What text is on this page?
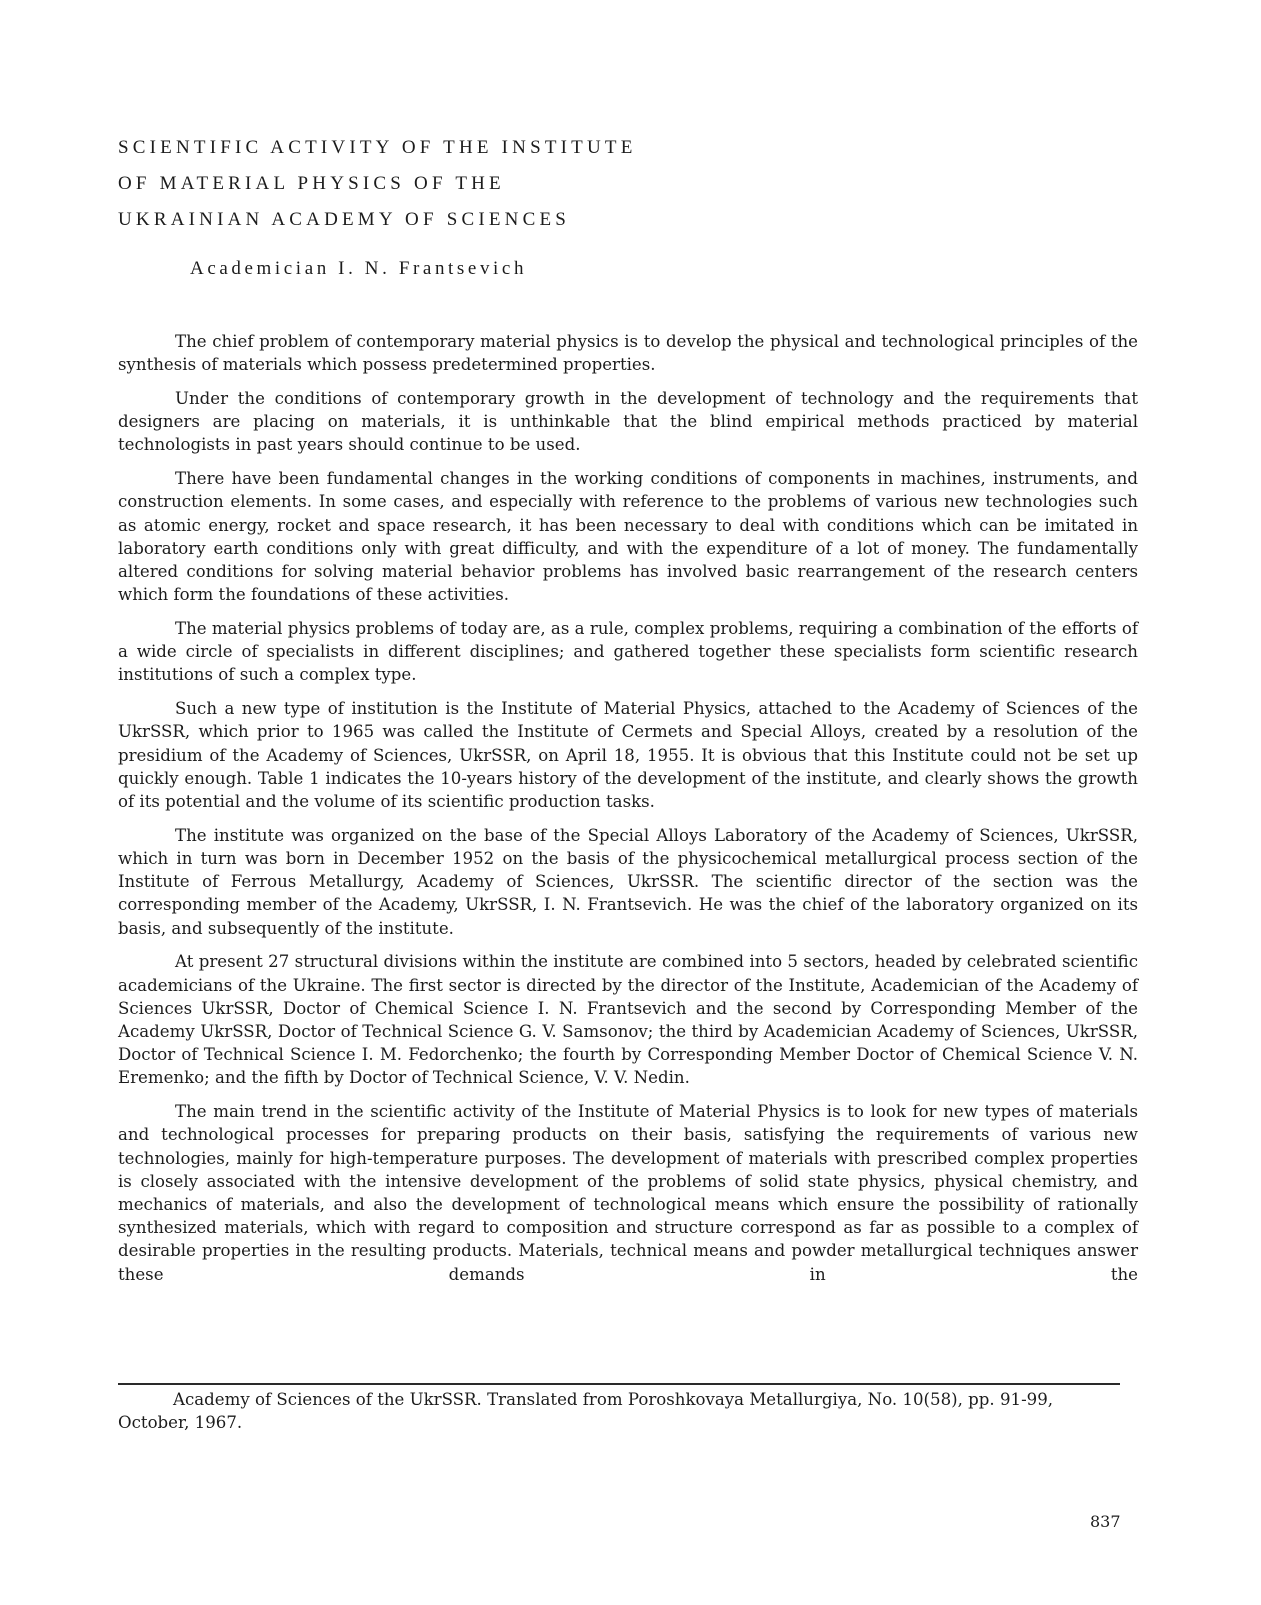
SCIENTIFIC ACTIVITY OF THE INSTITUTE
OF MATERIAL PHYSICS OF THE
UKRAINIAN ACADEMY OF SCIENCES
Academician I. N. Frantsevich

The chief problem of contemporary material physics is to develop the physical and technological principles of the synthesis of materials which possess predetermined properties.

Under the conditions of contemporary growth in the development of technology and the requirements that designers are placing on materials, it is unthinkable that the blind empirical methods practiced by material technologists in past years should continue to be used.

There have been fundamental changes in the working conditions of components in machines, instruments, and construction elements. In some cases, and especially with reference to the problems of various new technologies such as atomic energy, rocket and space research, it has been necessary to deal with conditions which can be imitated in laboratory earth conditions only with great difficulty, and with the expenditure of a lot of money. The fundamentally altered conditions for solving material behavior problems has involved basic rearrangement of the research centers which form the foundations of these activities.

The material physics problems of today are, as a rule, complex problems, requiring a combination of the efforts of a wide circle of specialists in different disciplines; and gathered together these specialists form scientific research institutions of such a complex type.

Such a new type of institution is the Institute of Material Physics, attached to the Academy of Sciences of the UkrSSR, which prior to 1965 was called the Institute of Cermets and Special Alloys, created by a resolution of the presidium of the Academy of Sciences, UkrSSR, on April 18, 1955. It is obvious that this Institute could not be set up quickly enough. Table 1 indicates the 10-years history of the development of the institute, and clearly shows the growth of its potential and the volume of its scientific production tasks.

The institute was organized on the base of the Special Alloys Laboratory of the Academy of Sciences, UkrSSR, which in turn was born in December 1952 on the basis of the physicochemical metallurgical process section of the Institute of Ferrous Metallurgy, Academy of Sciences, UkrSSR. The scientific director of the section was the corresponding member of the Academy, UkrSSR, I. N. Frantsevich. He was the chief of the laboratory organized on its basis, and subsequently of the institute.

At present 27 structural divisions within the institute are combined into 5 sectors, headed by celebrated scientific academicians of the Ukraine. The first sector is directed by the director of the Institute, Academician of the Academy of Sciences UkrSSR, Doctor of Chemical Science I. N. Frantsevich and the second by Corresponding Member of the Academy UkrSSR, Doctor of Technical Science G. V. Samsonov; the third by Academician Academy of Sciences, UkrSSR, Doctor of Technical Science I. M. Fedorchenko; the fourth by Corresponding Member Doctor of Chemical Science V. N. Eremenko; and the fifth by Doctor of Technical Science, V. V. Nedin.

The main trend in the scientific activity of the Institute of Material Physics is to look for new types of materials and technological processes for preparing products on their basis, satisfying the requirements of various new technologies, mainly for high-temperature purposes. The development of materials with prescribed complex properties is closely associated with the intensive development of the problems of solid state physics, physical chemistry, and mechanics of materials, and also the development of technological means which ensure the possibility of rationally synthesized materials, which with regard to composition and structure correspond as far as possible to a complex of desirable properties in the resulting products. Materials, technical means and powder metallurgical techniques answer these demands in the

Academy of Sciences of the UkrSSR. Translated from Poroshkovaya Metallurgiya, No. 10(58), pp. 91-99, October, 1967.

837
